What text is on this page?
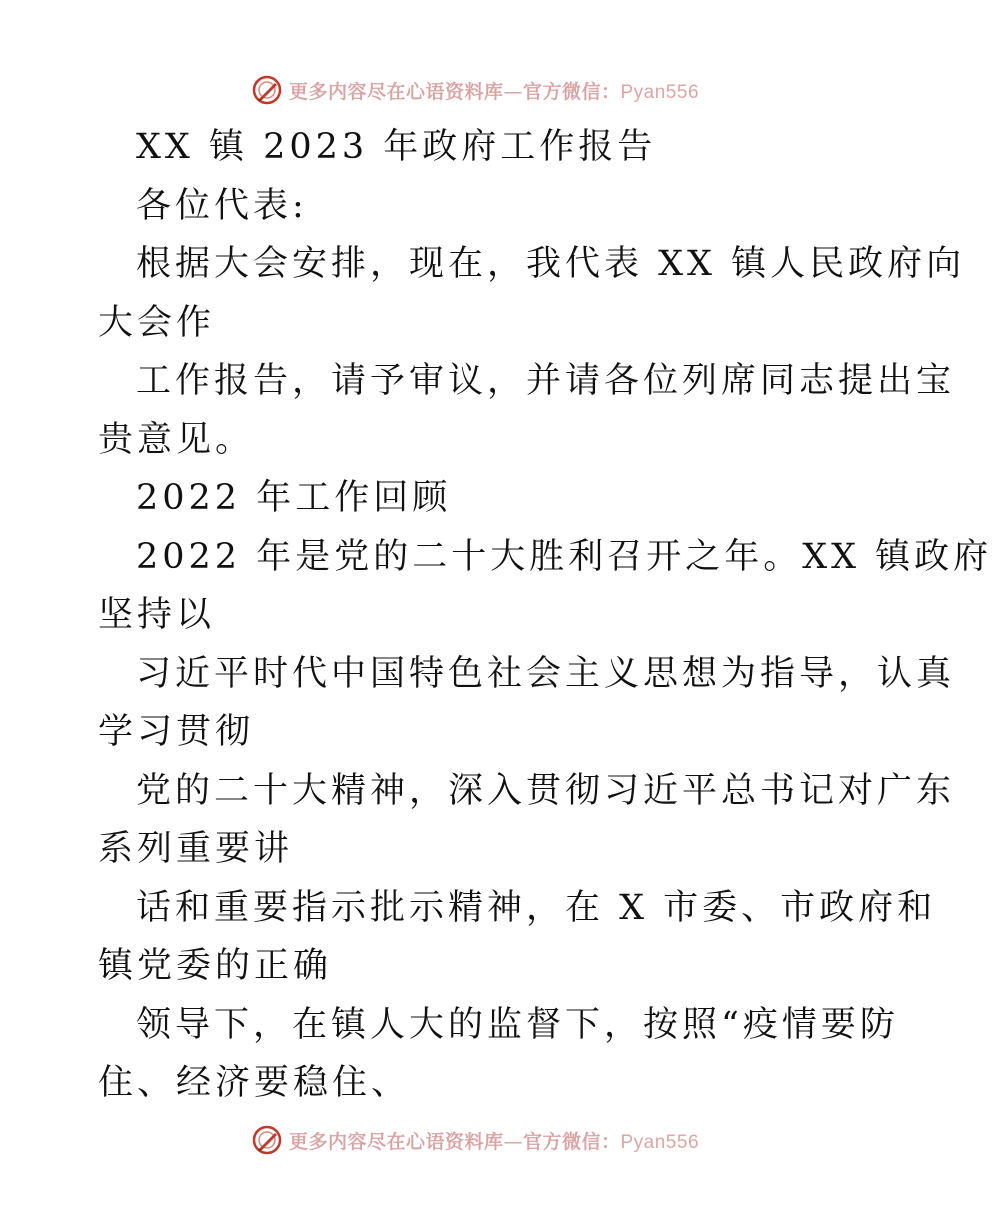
更多内容尽在心语资料库—官方微信：Pyan556
XX 镇 2023 年政府工作报告
各位代表:
根据大会安排，现在，我代表 XX 镇人民政府向
大会作
工作报告，请予审议，并请各位列席同志提出宝
贵意见。
2022 年工作回顾
2022 年是党的二十大胜利召开之年。XX 镇政府
坚持以
习近平时代中国特色社会主义思想为指导，认真
学习贯彻
党的二十大精神，深入贯彻习近平总书记对广东
系列重要讲
话和重要指示批示精神，在 X 市委、市政府和
镇党委的正确
领导下，在镇人大的监督下，按照“疫情要防
住、经济要稳住、
更多内容尽在心语资料库—官方微信：Pyan556
